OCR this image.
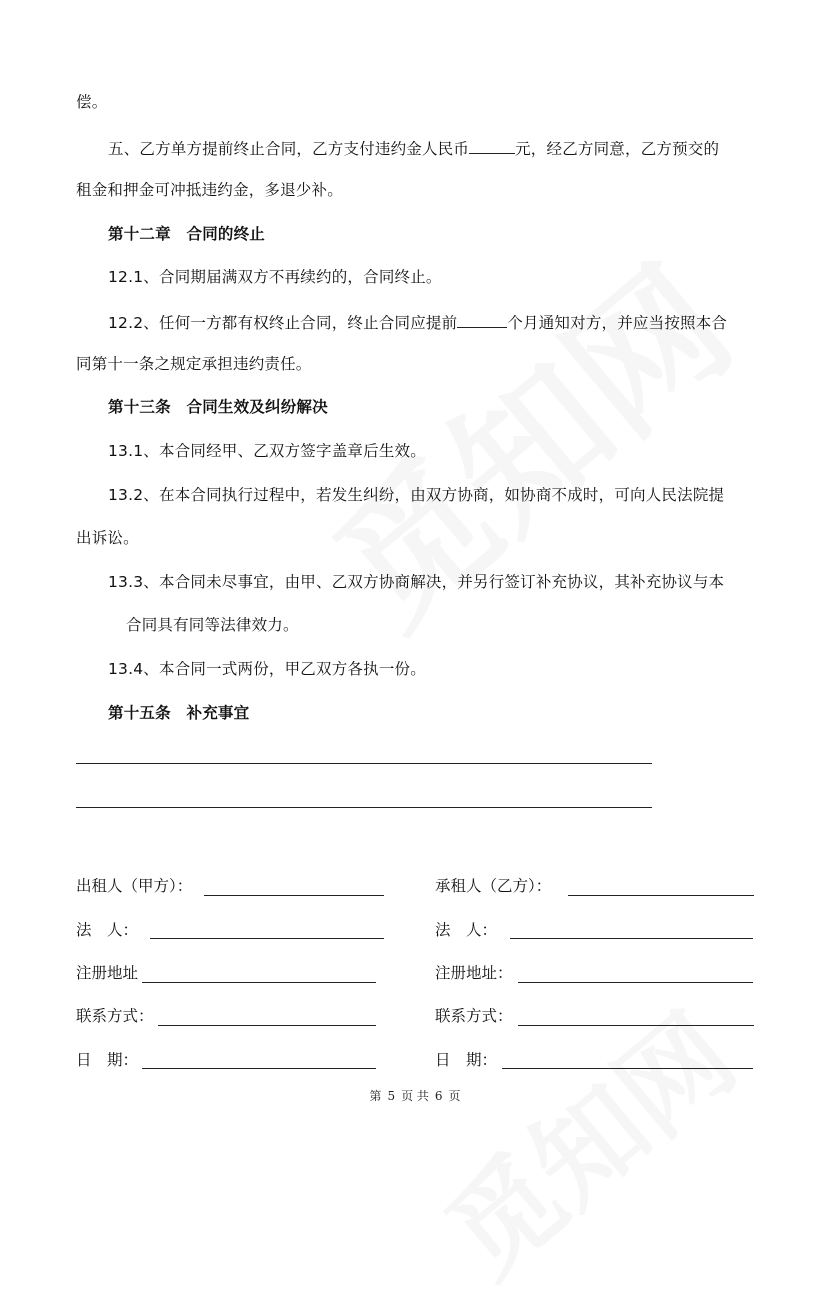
偿。
五、乙方单方提前终止合同，乙方支付违约金人民币	元，经乙方同意，乙方预交的
租金和押金可冲抵违约金，多退少补。
第十二章　合同的终止
12.1、合同期届满双方不再续约的，合同终止。
12.2、任何一方都有权终止合同，终止合同应提前	个月通知对方，并应当按照本合
同第十一条之规定承担违约责任。
第十三条　合同生效及纠纷解决
13.1、本合同经甲、乙双方签字盖章后生效。
13.2、在本合同执行过程中，若发生纠纷，由双方协商，如协商不成时，可向人民法院提
出诉讼。
13.3、本合同未尽事宜，由甲、乙双方协商解决，并另行签订补充协议，其补充协议与本
合同具有同等法律效力。
13.4、本合同一式两份，甲乙双方各执一份。
第十五条　补充事宜
出租人（甲方）：
法　人：
注册地址
联系方式：
日　期：
承租人（乙方）：
法　人：
注册地址：
联系方式：
日　期：
第 5 页 共 6 页
